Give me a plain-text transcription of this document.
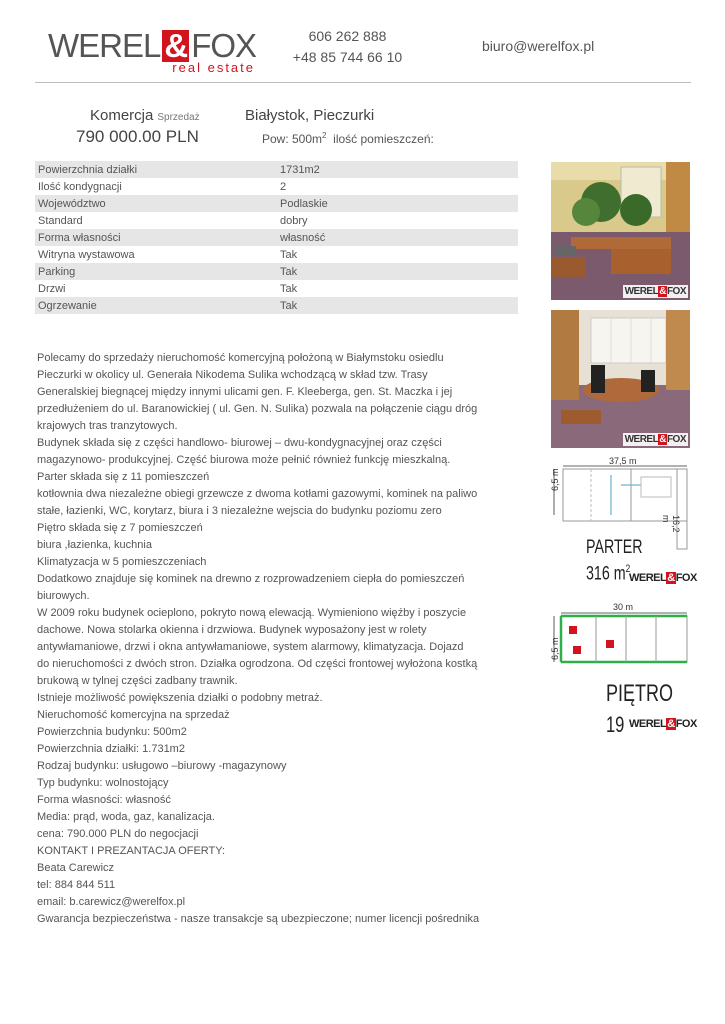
WEREL & FOX
real estate
606 262 888
+48 85 744 66 10
biuro@werelfox.pl
Komercja Sprzedaż	Białystok, Pieczurki
790 000.00 PLN	Pow: $500m^2$ ilość pomieszczeń:
Powierzchnia działki	1731m2
Ilość kondygnacji	2
Województwo	Podlaskie
Standard	dobry
Forma własności	własność
Witryna wystawowa	Tak
Parking	Tak
Drzwi	Tak
Ogrzewanie	Tak

Polecamy do sprzedaży nieruchomość komercyjną położoną w Białymstoku osiedlu

Pieczurki w okolicy ul. Generała Nikodema Sulika wchodzącą w skład tzw. Trasy

Generalskiej biegnącej między innymi ulicami gen. F. Kleeberga, gen. St. Maczka i jej

przedłużeniem do ul. Baranowickiej ( ul. Gen. N. Sulika) pozwala na połączenie ciągu dróg

krajowych tras tranzytowych.

Budynek składa się z części handlowo- biurowej – dwu-kondygnacyjnej oraz części

magazynowo- produkcyjnej. Część biurowa może pełnić również funkcję mieszkalną.

Parter składa się z 11 pomieszczeń

kotłownia dwa niezależne obiegi grzewcze z dwoma kotłami gazowymi, kominek na paliwo

stałe, łazienki, WC, korytarz, biura i 3 niezależne wejscia do budynku poziomu zero

Piętro składa się z 7 pomieszczeń

biura ,łazienka, kuchnia

Klimatyzacja w 5 pomieszczeniach

Dodatkowo znajduje się kominek na drewno z rozprowadzeniem ciepła do pomieszczeń

biurowych.

W 2009 roku budynek ocieplono, pokryto nową elewacją. Wymieniono więźby i poszycie

dachowe. Nowa stolarka okienna i drzwiowa. Budynek wyposażony jest w rolety

antywłamaniowe, drzwi i okna antywłamaniowe, system alarmowy, klimatyzacja. Dojazd

do nieruchomości z dwóch stron. Działka ogrodzona. Od części frontowej wyłożona kostką

brukową w tylnej części zadbany trawnik.

Istnieje możliwość powiększenia działki o podobny metraż.

Nieruchomość komercyjna na sprzedaż

Powierzchnia budynku: 500m2

Powierzchnia działki: 1.731m2

Rodzaj budynku: usługowo –biurowy -magazynowy

Typ budynku: wolnostojący

Forma własności: własność

Media: prąd, woda, gaz, kanalizacja.

cena: 790.000 PLN do negocjacji

KONTAKT I PREZANTACJA OFERTY:

Beata Carewicz

tel: 884 844 511

email: b.carewicz@werelfox.pl

Gwarancja bezpieczeństwa - nasze transakcje są ubezpieczone; numer licencji pośrednika

WEREL&FOX
WEREL&FOX
37,5 m
6,5 m
16,2 m
PARTER
316 $m^2$
WEREL&FOX
30 m
6,5 m
PIĘTRO
19 WEREL&FOX
